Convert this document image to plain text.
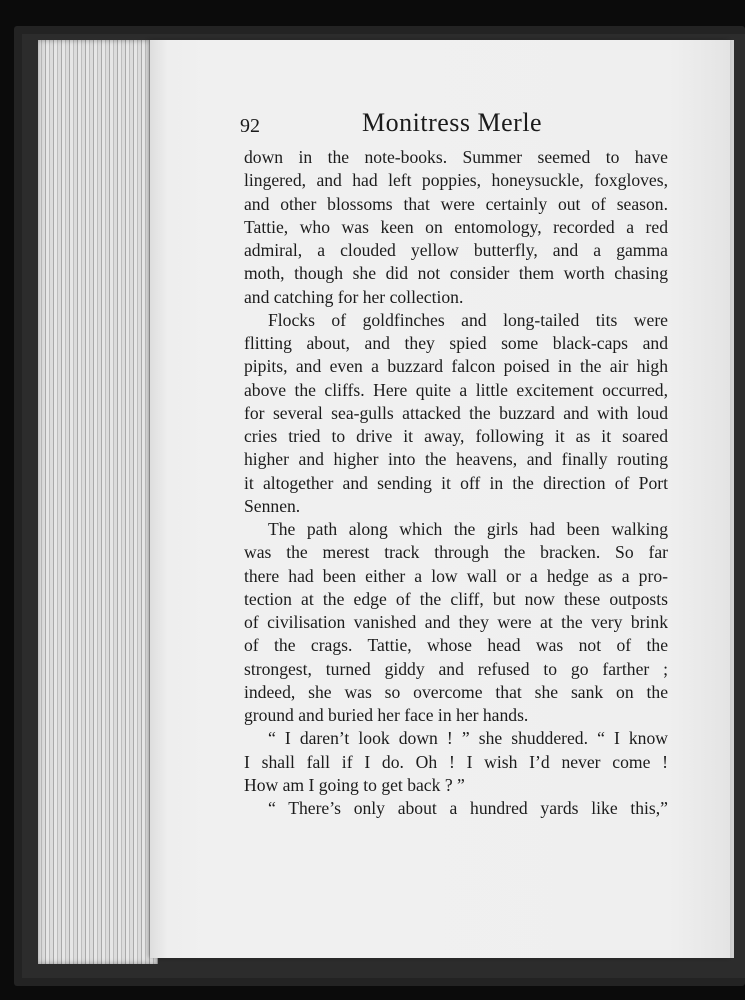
92	Monitress Merle
down in the note-books. Summer seemed to have
lingered, and had left poppies, honeysuckle, foxgloves,
and other blossoms that were certainly out of season.
Tattie, who was keen on entomology, recorded a red
admiral, a clouded yellow butterfly, and a gamma
moth, though she did not consider them worth chasing
and catching for her collection.
Flocks of goldfinches and long-tailed tits were
flitting about, and they spied some black-caps and
pipits, and even a buzzard falcon poised in the air high
above the cliffs. Here quite a little excitement occurred,
for several sea-gulls attacked the buzzard and with loud
cries tried to drive it away, following it as it soared
higher and higher into the heavens, and finally routing
it altogether and sending it off in the direction of Port
Sennen.
The path along which the girls had been walking
was the merest track through the bracken. So far
there had been either a low wall or a hedge as a pro-
tection at the edge of the cliff, but now these outposts
of civilisation vanished and they were at the very brink
of the crags. Tattie, whose head was not of the
strongest, turned giddy and refused to go farther ;
indeed, she was so overcome that she sank on the
ground and buried her face in her hands.
“ I daren’t look down ! ” she shuddered. “ I know
I shall fall if I do. Oh ! I wish I’d never come !
How am I going to get back ? ”
“ There’s only about a hundred yards like this,”
